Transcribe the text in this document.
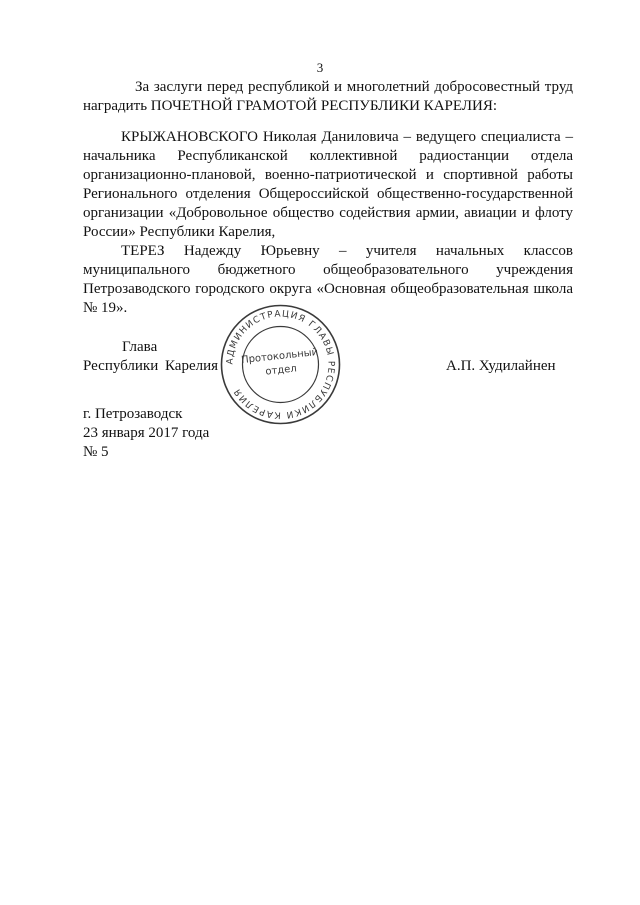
3

За заслуги перед республикой и многолетний добросовестный труд наградить ПОЧЕТНОЙ ГРАМОТОЙ РЕСПУБЛИКИ КАРЕЛИЯ:

КРЫЖАНОВСКОГО Николая Даниловича – ведущего специалиста – начальника Республиканской коллективной радиостанции отдела организационно-плановой, военно-патриотической и спортивной работы Регионального отделения Общероссийской общественно-государственной организации «Добровольное общество содействия армии, авиации и флоту России» Республики Карелия,

ТЕРЕЗ Надежду Юрьевну – учителя начальных классов муниципального бюджетного общеобразовательного учреждения Петрозаводского городского округа «Основная общеобразовательная школа № 19».

Глава
Республики Карелия	А.П. Худилайнен
АДМИНИСТРАЦИЯ ГЛАВЫ РЕСПУБЛИКИ КАРЕЛИЯ
Протокольный
отдел
г. Петрозаводск
23 января 2017 года
№ 5
